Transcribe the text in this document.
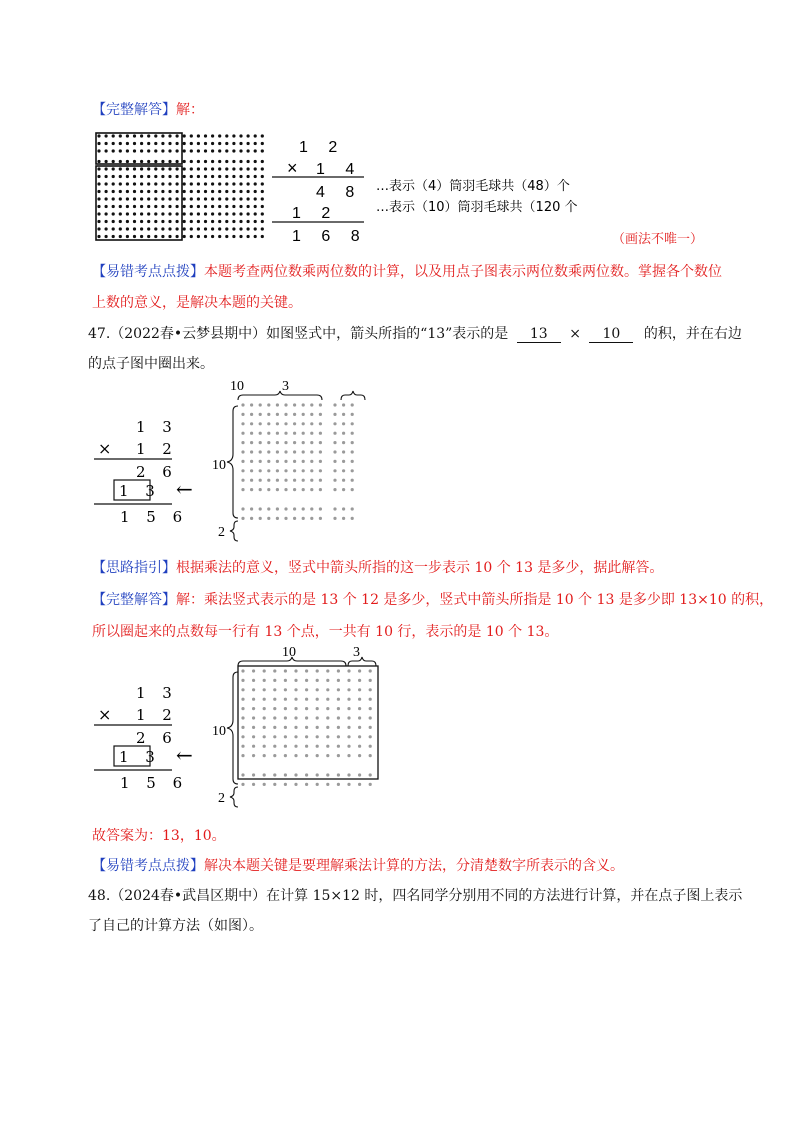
【完整解答】解：
1 2
× 1 4
4 8
1 2
1 6 8
…表示（4）筒羽毛球共（48）个
…表示（10）筒羽毛球共（120 个
（画法不唯一）
【易错考点点拨】本题考查两位数乘两位数的计算，以及用点子图表示两位数乘两位数。掌握各个数位
上数的意义，是解决本题的关键。
47.（2022春•云梦县期中）如图竖式中，箭头所指的“13”表示的是 13 × 10 的积，并在右边
的点子图中圈出来。
1 3
× 1 2
2 6
1 3
1 5 6
←
10	3
10
2
【思路指引】根据乘法的意义，竖式中箭头所指的这一步表示 10 个 13 是多少，据此解答。
【完整解答】解：乘法竖式表示的是 13 个 12 是多少，竖式中箭头所指是 10 个 13 是多少即 13×10 的积，
所以圈起来的点数每一行有 13 个点，一共有 10 行，表示的是 10 个 13。
1 3
× 1 2
2 6
1 3
1 5 6
←
10	3
10
2
故答案为：13，10。
【易错考点点拨】解决本题关键是要理解乘法计算的方法，分清楚数字所表示的含义。
48.（2024春•武昌区期中）在计算 15×12 时，四名同学分别用不同的方法进行计算，并在点子图上表示
了自己的计算方法（如图）。
